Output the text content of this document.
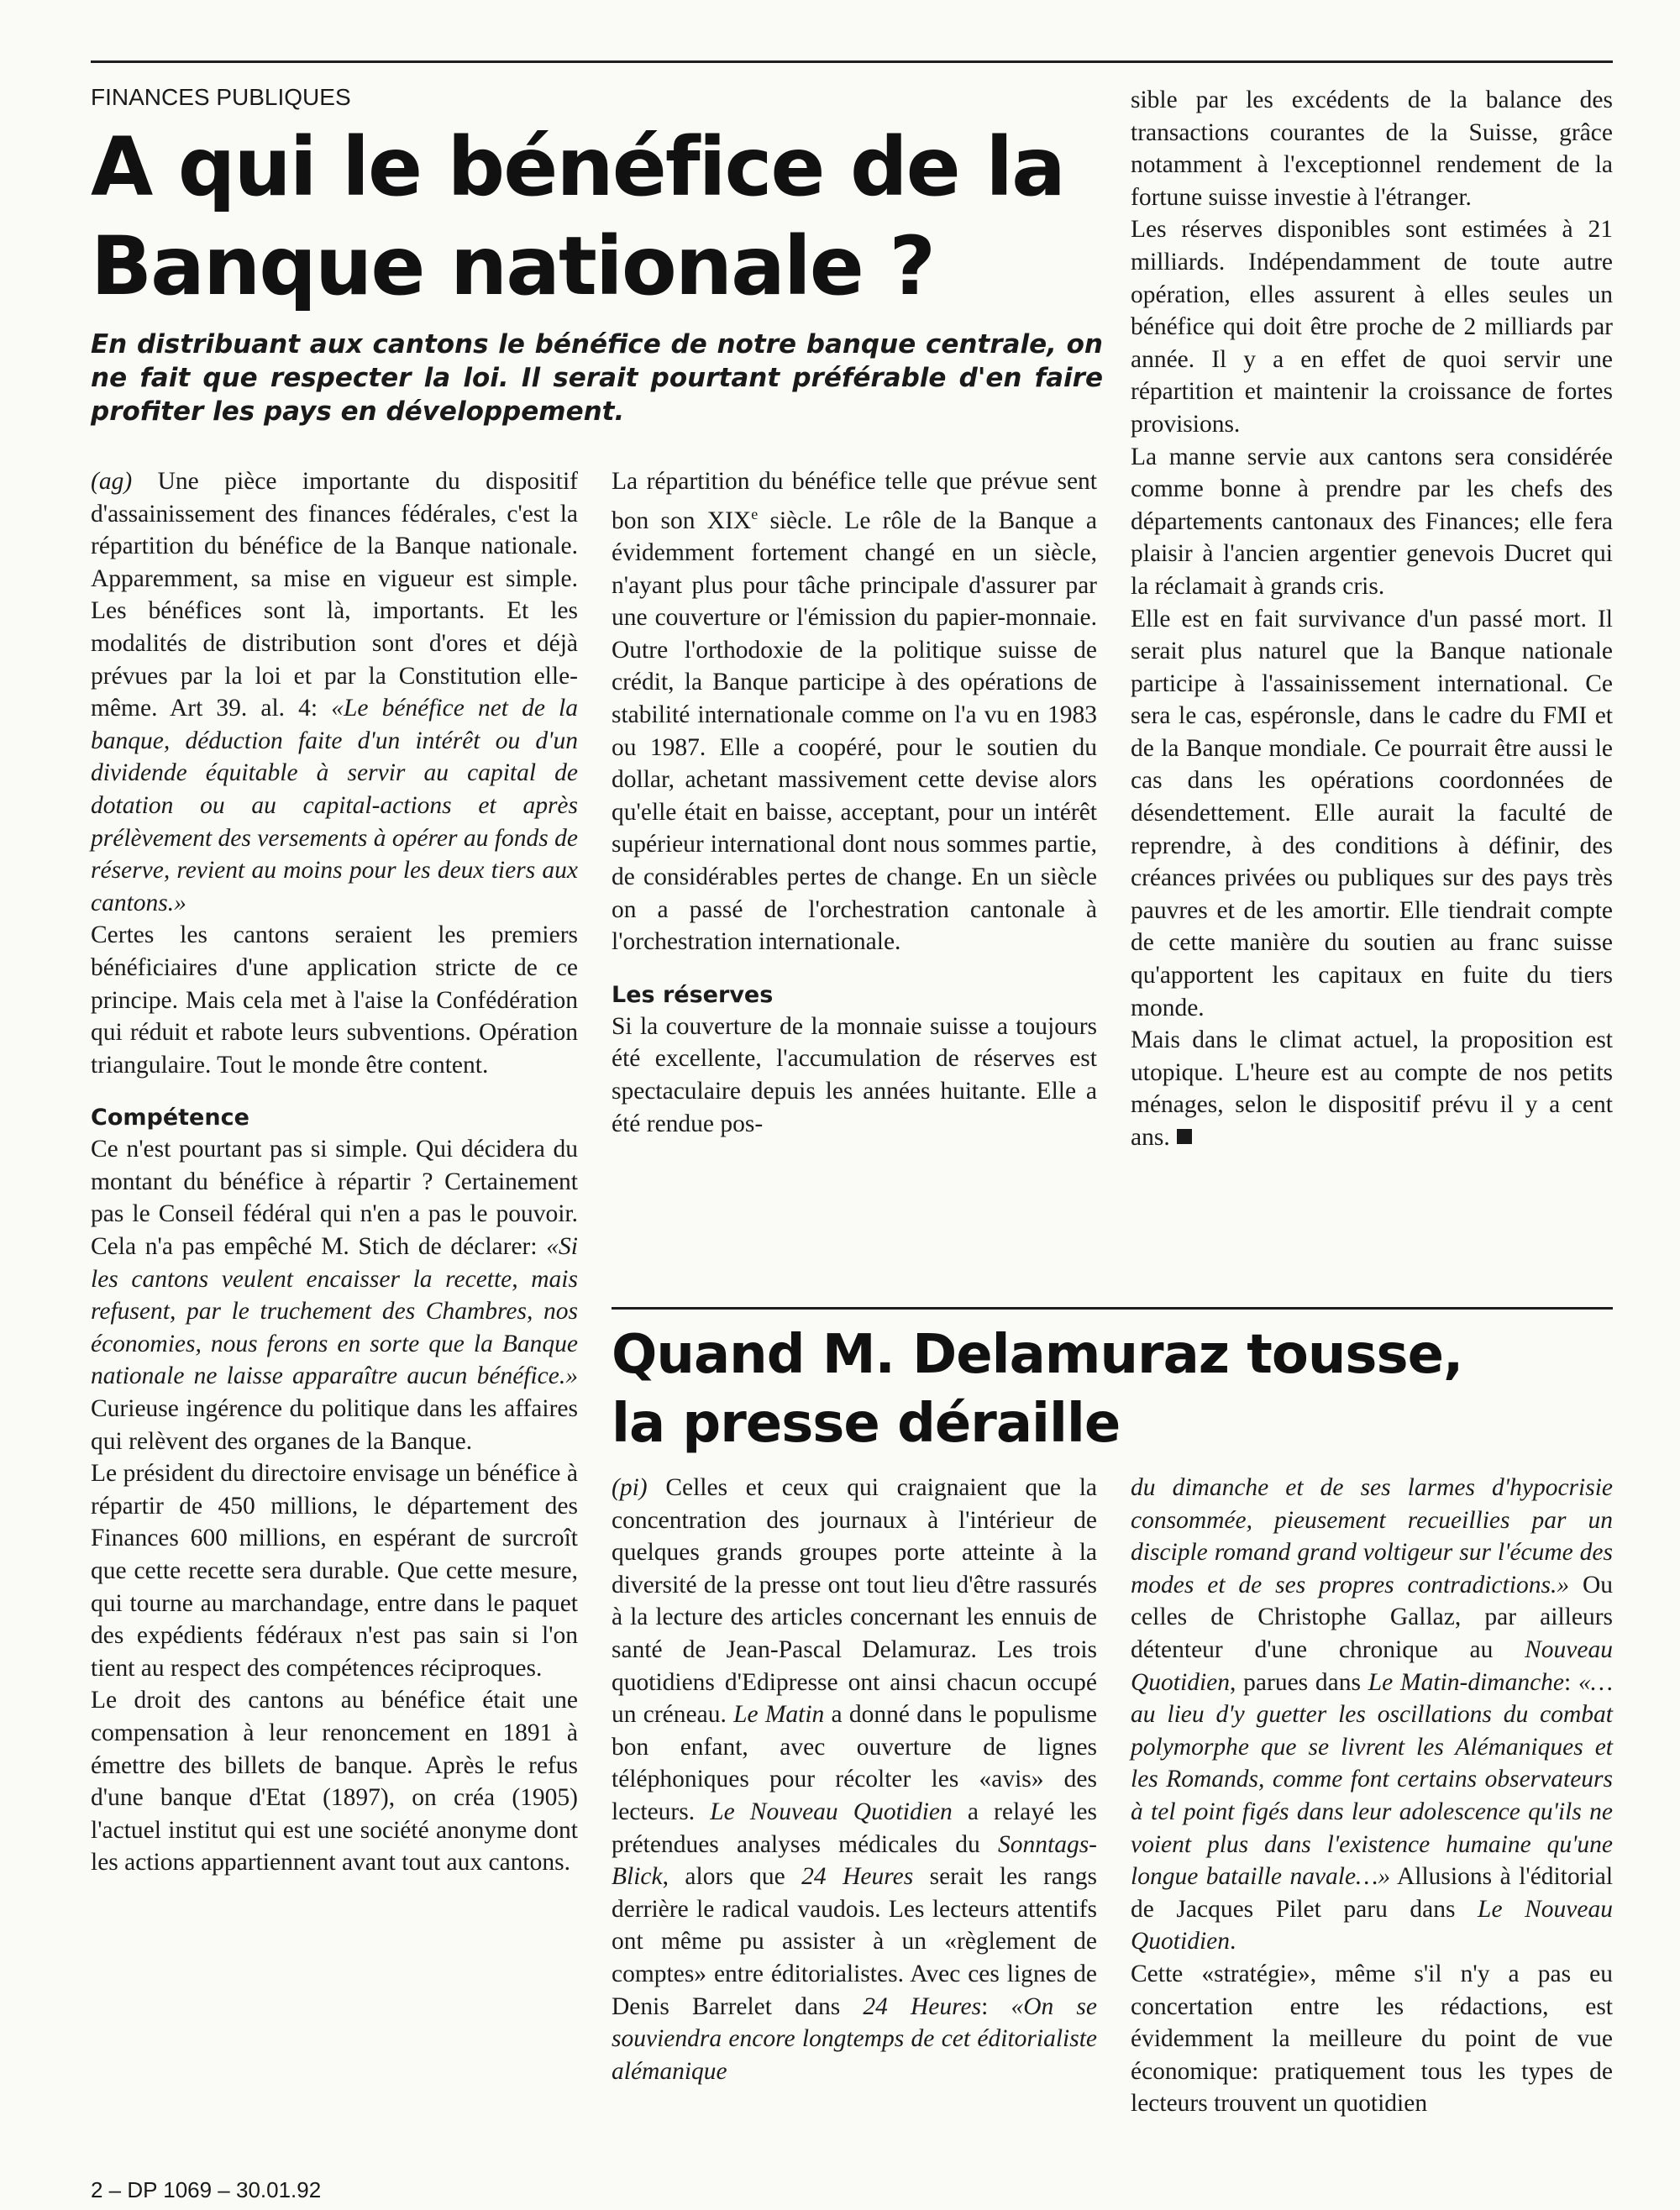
FINANCES PUBLIQUES
A qui le bénéfice de la
Banque nationale ?
En distribuant aux cantons le bénéfice de notre banque centrale, on ne fait que respecter la loi. Il serait pourtant préférable d'en faire profiter les pays en développement.

(ag) Une pièce importante du dispositif d'assainissement des finances fédérales, c'est la répartition du bénéfice de la Banque nationale. Apparemment, sa mise en vigueur est simple. Les bénéfices sont là, importants. Et les modalités de distribution sont d'ores et déjà prévues par la loi et par la Constitution elle-même. Art 39. al. 4: «Le bénéfice net de la banque, déduction faite d'un intérêt ou d'un dividende équitable à servir au capital de dotation ou au capital-actions et après prélèvement des versements à opérer au fonds de réserve, revient au moins pour les deux tiers aux cantons.»

Certes les cantons seraient les premiers bénéficiaires d'une application stricte de ce principe. Mais cela met à l'aise la Confédération qui réduit et rabote leurs subventions. Opération triangulaire. Tout le monde être content.

Compétence

Ce n'est pourtant pas si simple. Qui décidera du montant du bénéfice à répartir ? Certainement pas le Conseil fédéral qui n'en a pas le pouvoir. Cela n'a pas empêché M. Stich de déclarer: «Si les cantons veulent encaisser la recette, mais refusent, par le truchement des Chambres, nos économies, nous ferons en sorte que la Banque nationale ne laisse apparaître aucun bénéfice.» Curieuse ingérence du politique dans les affaires qui relèvent des organes de la Banque.

Le président du directoire envisage un bénéfice à répartir de 450 millions, le département des Finances 600 millions, en espérant de surcroît que cette recette sera durable. Que cette mesure, qui tourne au marchandage, entre dans le paquet des expédients fédéraux n'est pas sain si l'on tient au respect des compétences réciproques.

Le droit des cantons au bénéfice était une compensation à leur renoncement en 1891 à émettre des billets de banque. Après le refus d'une banque d'Etat (1897), on créa (1905) l'actuel institut qui est une société anonyme dont les actions appartiennent avant tout aux cantons.

La répartition du bénéfice telle que prévue sent bon son XIXe siècle. Le rôle de la Banque a évidemment fortement changé en un siècle, n'ayant plus pour tâche principale d'assurer par une couverture or l'émission du papier-monnaie. Outre l'orthodoxie de la politique suisse de crédit, la Banque participe à des opérations de stabilité internationale comme on l'a vu en 1983 ou 1987. Elle a coopéré, pour le soutien du dollar, achetant massivement cette devise alors qu'elle était en baisse, acceptant, pour un intérêt supérieur international dont nous sommes partie, de considérables pertes de change. En un siècle on a passé de l'orchestration cantonale à l'orchestration internationale.

Les réserves

Si la couverture de la monnaie suisse a toujours été excellente, l'accumulation de réserves est spectaculaire depuis les années huitante. Elle a été rendue pos-

sible par les excédents de la balance des transactions courantes de la Suisse, grâce notamment à l'exceptionnel rendement de la fortune suisse investie à l'étranger.

Les réserves disponibles sont estimées à 21 milliards. Indépendamment de toute autre opération, elles assurent à elles seules un bénéfice qui doit être proche de 2 milliards par année. Il y a en effet de quoi servir une répartition et maintenir la croissance de fortes provisions.

La manne servie aux cantons sera considérée comme bonne à prendre par les chefs des départements cantonaux des Finances; elle fera plaisir à l'ancien argentier genevois Ducret qui la réclamait à grands cris.

Elle est en fait survivance d'un passé mort. Il serait plus naturel que la Banque nationale participe à l'assainissement international. Ce sera le cas, espéronsle, dans le cadre du FMI et de la Banque mondiale. Ce pourrait être aussi le cas dans les opérations coordonnées de désendettement. Elle aurait la faculté de reprendre, à des conditions à définir, des créances privées ou publiques sur des pays très pauvres et de les amortir. Elle tiendrait compte de cette manière du soutien au franc suisse qu'apportent les capitaux en fuite du tiers monde.

Mais dans le climat actuel, la proposition est utopique. L'heure est au compte de nos petits ménages, selon le dispositif prévu il y a cent ans.

Quand M. Delamuraz tousse,
la presse déraille

(pi) Celles et ceux qui craignaient que la concentration des journaux à l'intérieur de quelques grands groupes porte atteinte à la diversité de la presse ont tout lieu d'être rassurés à la lecture des articles concernant les ennuis de santé de Jean-Pascal Delamuraz. Les trois quotidiens d'Edipresse ont ainsi chacun occupé un créneau. Le Matin a donné dans le populisme bon enfant, avec ouverture de lignes téléphoniques pour récolter les «avis» des lecteurs. Le Nouveau Quotidien a relayé les prétendues analyses médicales du Sonntags-Blick, alors que 24 Heures serait les rangs derrière le radical vaudois. Les lecteurs attentifs ont même pu assister à un «règlement de comptes» entre éditorialistes. Avec ces lignes de Denis Barrelet dans 24 Heures: «On se souviendra encore longtemps de cet éditorialiste alémanique

du dimanche et de ses larmes d'hypocrisie consommée, pieusement recueillies par un disciple romand grand voltigeur sur l'écume des modes et de ses propres contradictions.» Ou celles de Christophe Gallaz, par ailleurs détenteur d'une chronique au Nouveau Quotidien, parues dans Le Matin-dimanche: «… au lieu d'y guetter les oscillations du combat polymorphe que se livrent les Alémaniques et les Romands, comme font certains observateurs à tel point figés dans leur adolescence qu'ils ne voient plus dans l'existence humaine qu'une longue bataille navale…» Allusions à l'éditorial de Jacques Pilet paru dans Le Nouveau Quotidien.

Cette «stratégie», même s'il n'y a pas eu concertation entre les rédactions, est évidemment la meilleure du point de vue économique: pratiquement tous les types de lecteurs trouvent un quotidien

2 – DP 1069 – 30.01.92
